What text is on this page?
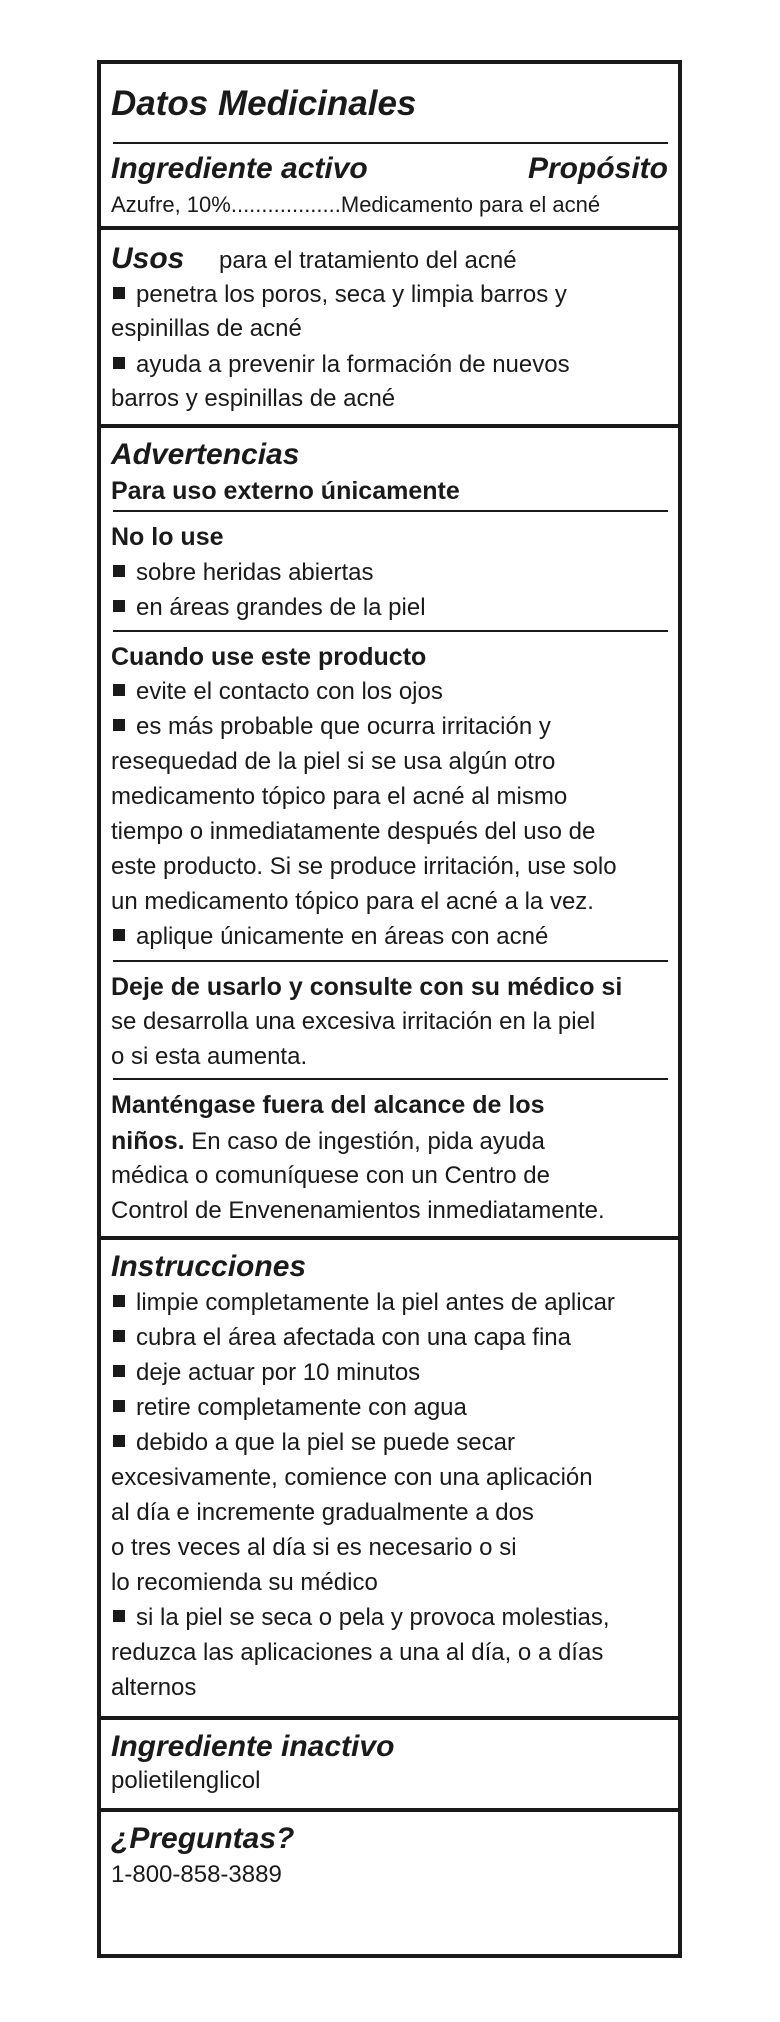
Datos Medicinales
Ingrediente activo	Propósito
Azufre, 10%..................Medicamento para el acné
Usos para el tratamiento del acné
penetra los poros, seca y limpia barros y
espinillas de acné
ayuda a prevenir la formación de nuevos
barros y espinillas de acné
Advertencias
Para uso externo únicamente
No lo use
sobre heridas abiertas
en áreas grandes de la piel
Cuando use este producto
evite el contacto con los ojos
es más probable que ocurra irritación y
resequedad de la piel si se usa algún otro
medicamento tópico para el acné al mismo
tiempo o inmediatamente después del uso de
este producto. Si se produce irritación, use solo
un medicamento tópico para el acné a la vez.
aplique únicamente en áreas con acné
Deje de usarlo y consulte con su médico si
se desarrolla una excesiva irritación en la piel
o si esta aumenta.
Manténgase fuera del alcance de los
niños. En caso de ingestión, pida ayuda
médica o comuníquese con un Centro de
Control de Envenenamientos inmediatamente.
Instrucciones
limpie completamente la piel antes de aplicar
cubra el área afectada con una capa fina
deje actuar por 10 minutos
retire completamente con agua
debido a que la piel se puede secar
excesivamente, comience con una aplicación
al día e incremente gradualmente a dos
o tres veces al día si es necesario o si
lo recomienda su médico
si la piel se seca o pela y provoca molestias,
reduzca las aplicaciones a una al día, o a días
alternos
Ingrediente inactivo
polietilenglicol
¿Preguntas?
1-800-858-3889
